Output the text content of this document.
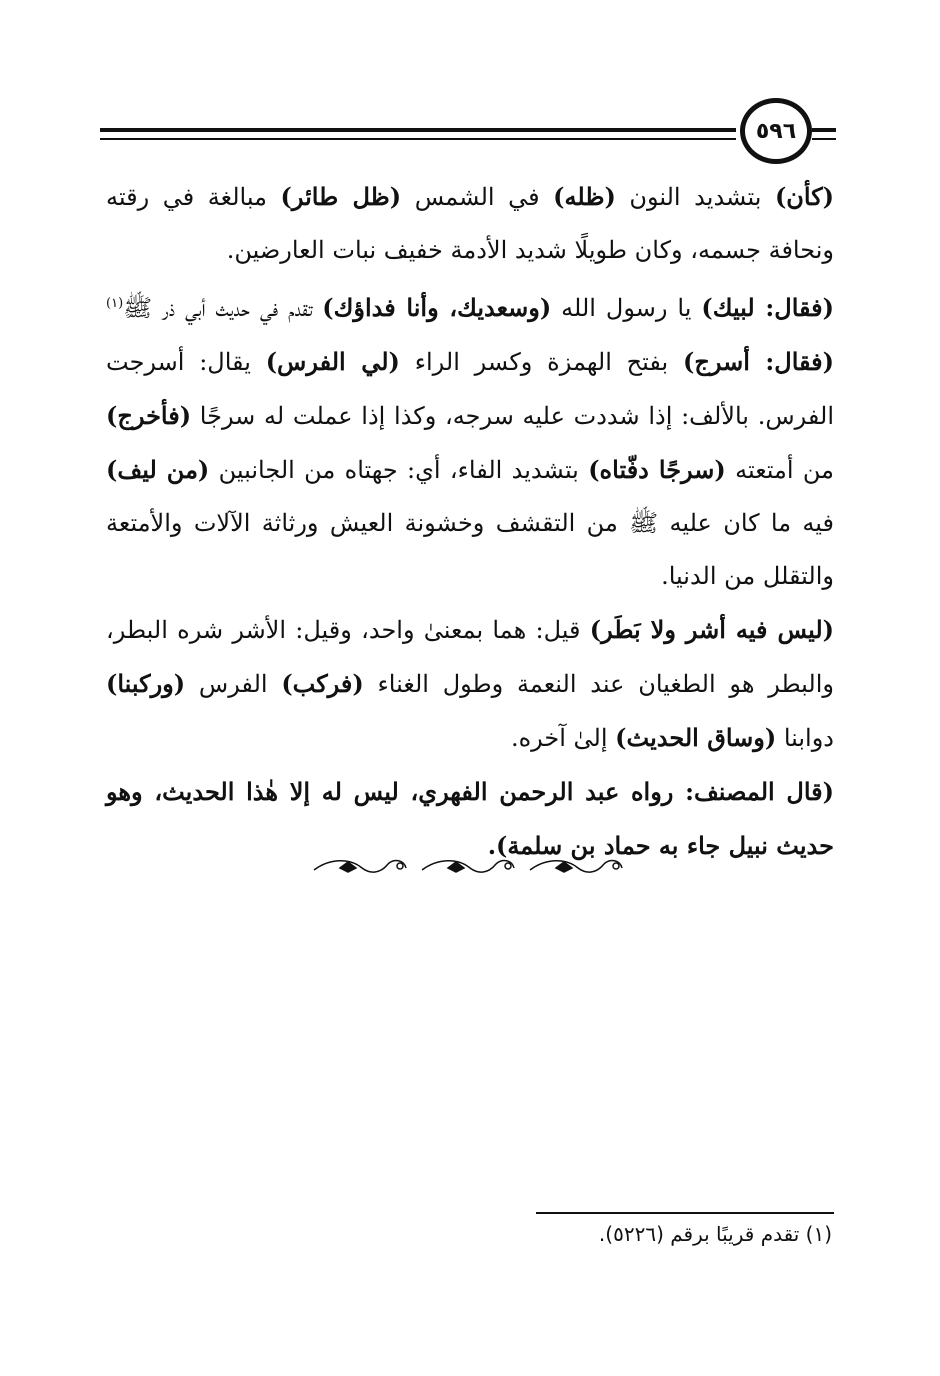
٥٩٦

(كأن) بتشديد النون (ظله) في الشمس (ظل طائر) مبالغة في رقته ونحافة جسمه، وكان طويلًا شديد الأدمة خفيف نبات العارضين.

(فقال: لبيك) يا رسول الله (وسعديك، وأنا فداؤك) تقدم في حديث أبي ذر ﷺ$^{(١)}$ (فقال: أسرج) بفتح الهمزة وكسر الراء (لي الفرس) يقال: أسرجت الفرس. بالألف: إذا شددت عليه سرجه، وكذا إذا عملت له سرجًا (فأخرج) من أمتعته (سرجًا دفّتاه) بتشديد الفاء، أي: جهتاه من الجانبين (من ليف) فيه ما كان عليه ﷺ من التقشف وخشونة العيش ورثاثة الآلات والأمتعة والتقلل من الدنيا.

(ليس فيه أشر ولا بَطَر) قيل: هما بمعنىٰ واحد، وقيل: الأشر شره البطر، والبطر هو الطغيان عند النعمة وطول الغناء (فركب) الفرس (وركبنا) دوابنا (وساق الحديث) إلىٰ آخره.

(قال المصنف: رواه عبد الرحمن الفهري، ليس له إلا هٰذا الحديث، وهو حديث نبيل جاء به حماد بن سلمة).

(١) تقدم قريبًا برقم (٥٢٢٦).
